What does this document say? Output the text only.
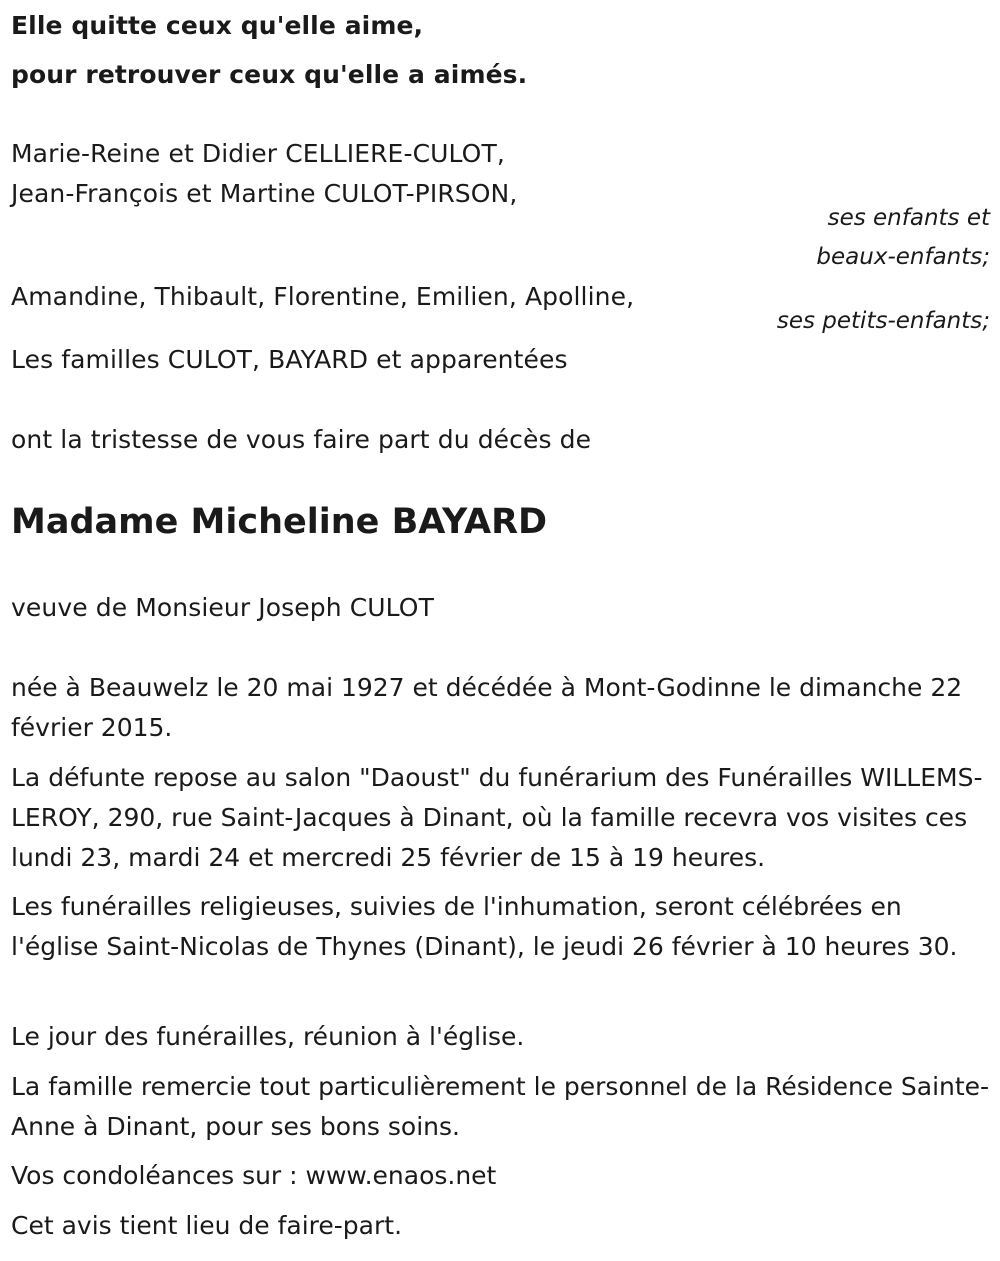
Elle quitte ceux qu'elle aime,
pour retrouver ceux qu'elle a aimés.
Marie-Reine et Didier CELLIERE-CULOT,
Jean-François et Martine CULOT-PIRSON,
ses enfants et
beaux-enfants;
Amandine, Thibault, Florentine, Emilien, Apolline,
ses petits-enfants;
Les familles CULOT, BAYARD et apparentées
ont la tristesse de vous faire part du décès de
Madame Micheline BAYARD
veuve de Monsieur Joseph CULOT
née à Beauwelz le 20 mai 1927 et décédée à Mont-Godinne le dimanche 22 février 2015.
La défunte repose au salon "Daoust" du funérarium des Funérailles WILLEMS-LEROY, 290, rue Saint-Jacques à Dinant, où la famille recevra vos visites ces lundi 23, mardi 24 et mercredi 25 février de 15 à 19 heures.
Les funérailles religieuses, suivies de l'inhumation, seront célébrées en l'église Saint-Nicolas de Thynes (Dinant), le jeudi 26 février à 10 heures 30.
Le jour des funérailles, réunion à l'église.
La famille remercie tout particulièrement le personnel de la Résidence Sainte-Anne à Dinant, pour ses bons soins.
Vos condoléances sur : www.enaos.net
Cet avis tient lieu de faire-part.
